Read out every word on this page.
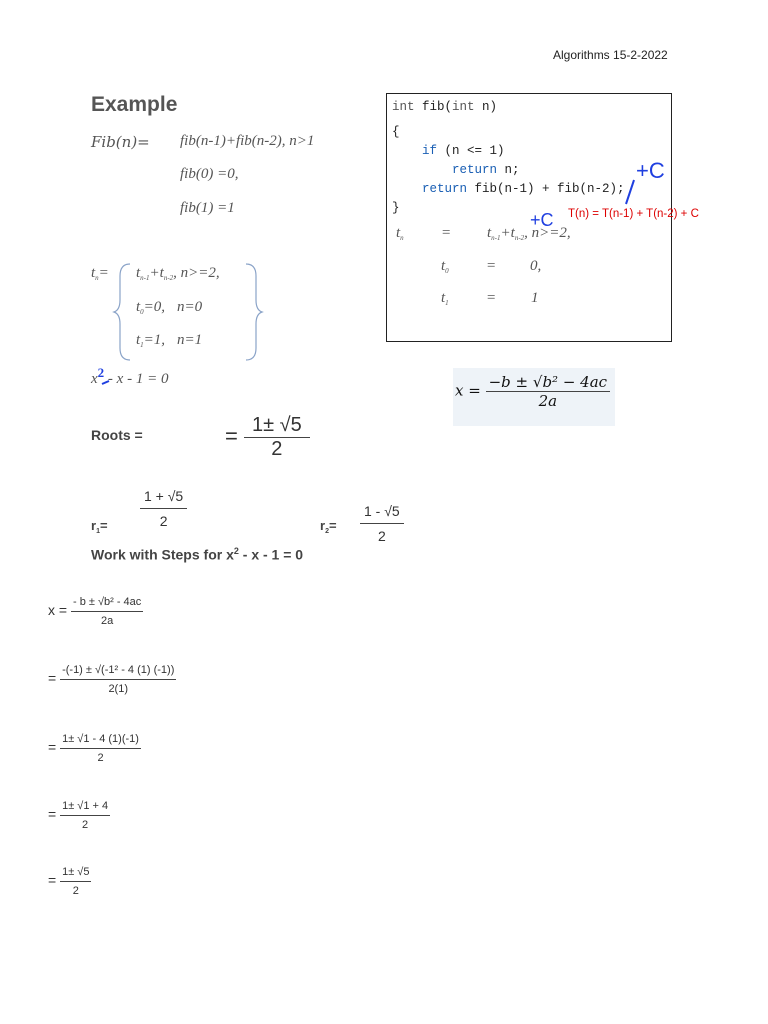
Algorithms 15-2-2022
Example
Fib(n)= fib(n-1)+fib(n-2), n>1
fib(0) =0,
fib(1) =1
$t_n= t_{n-1}+t_{n-2}$, n>=2,
$t_0=0$, n=0
$t_1=1$, n=1
x2 - x - 1 = 0
int fib(int n)
{
if (n <= 1)
return n;
return fib(n-1) + fib(n-2);
}
+C
+C T(n) = T(n-1) + T(n-2) + C
$t_n = t_{n-1}+t_{n-2}$, n>=2,
$t_0 = 0$,
$t_1 = 1$
$x = \frac{\text{−b ± √b² − 4ac}}{2a}$
Roots =	= $\frac{1\pm √5}{2}$
$r_1= \frac{1 + √5}{2}$	$r_2= \frac{1 - √5}{2}$
Work with Steps for $x^2 - x - 1 = 0$
$x = \frac{\text{- b ± √b² - 4ac}}{2a}$
= $\frac{\text{-(-1) ± √(-1² - 4 (1) (-1))}}{2(1)}$
= $\frac{1\pm √1 - 4 (1)(-1)}{2}$
= $\frac{1\pm √1 + 4}{2}$
= $\frac{1\pm √5}{2}$
